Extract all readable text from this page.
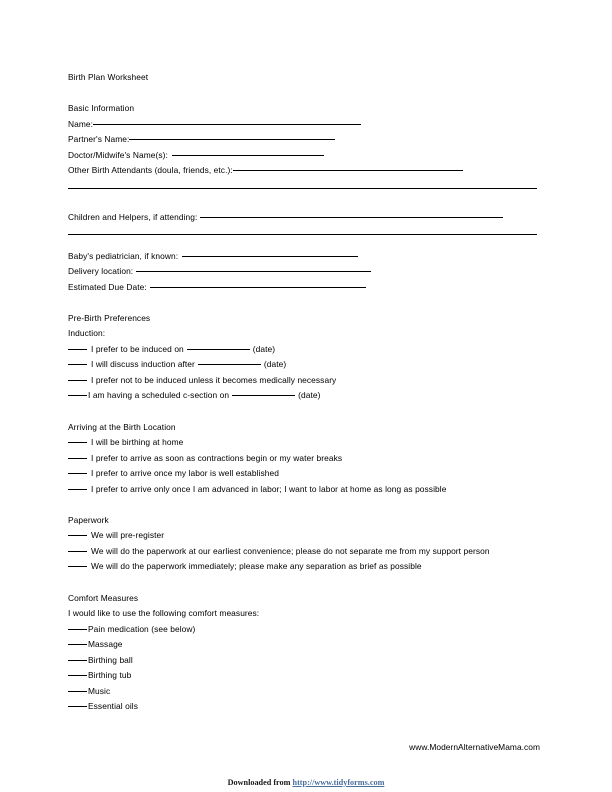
Birth Plan Worksheet
Basic Information
Name:
Partner's Name:
Doctor/Midwife's Name(s):
Other Birth Attendants (doula, friends, etc.):
Children and Helpers, if attending:
Baby's pediatrician, if known:
Delivery location:
Estimated Due Date:
Pre-Birth Preferences
Induction:
I prefer to be induced on	(date)
I will discuss induction after	(date)
I prefer not to be induced unless it becomes medically necessary
I am having a scheduled c-section on	(date)
Arriving at the Birth Location
I will be birthing at home
I prefer to arrive as soon as contractions begin or my water breaks
I prefer to arrive once my labor is well established
I prefer to arrive only once I am advanced in labor; I want to labor at home as long as possible
Paperwork
We will pre-register
We will do the paperwork at our earliest convenience; please do not separate me from my support person
We will do the paperwork immediately; please make any separation as brief as possible
Comfort Measures
I would like to use the following comfort measures:
Pain medication (see below)
Massage
Birthing ball
Birthing tub
Music
Essential oils
www.ModernAlternativeMama.com
Downloaded from http://www.tidyforms.com
